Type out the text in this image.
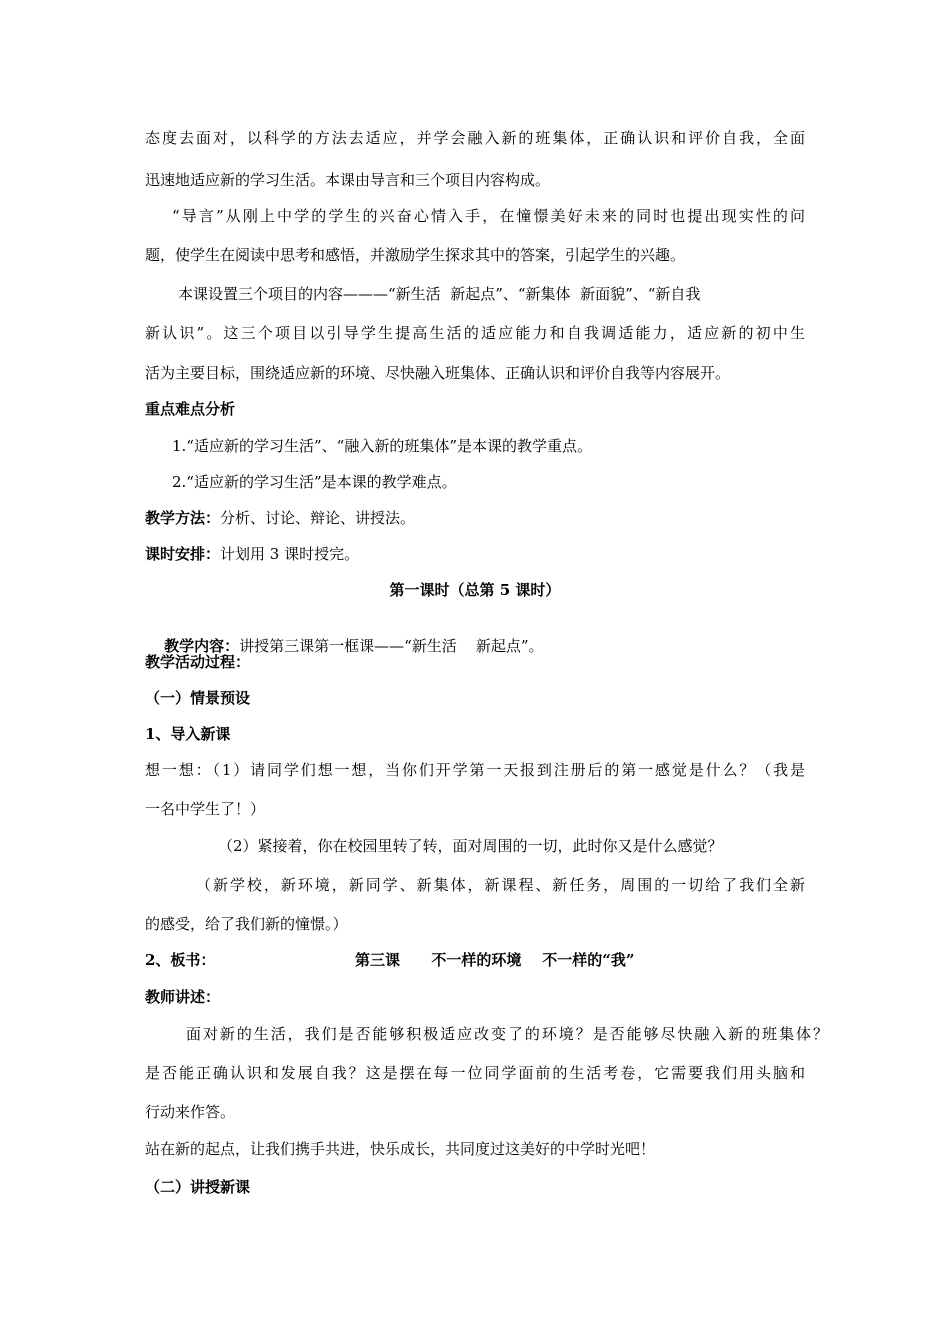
态度去面对，以科学的方法去适应，并学会融入新的班集体，正确认识和评价自我，全面
迅速地适应新的学习生活。本课由导言和三个项目内容构成。
“导言”从刚上中学的学生的兴奋心情入手，在憧憬美好未来的同时也提出现实性的问
题，使学生在阅读中思考和感悟，并激励学生探求其中的答案，引起学生的兴趣。
本课设置三个项目的内容———“新生活  新起点”、“新集体  新面貌”、“新自我
新认识”。这三个项目以引导学生提高生活的适应能力和自我调适能力，适应新的初中生
活为主要目标，围绕适应新的环境、尽快融入班集体、正确认识和评价自我等内容展开。
重点难点分析
1.“适应新的学习生活”、“融入新的班集体”是本课的教学重点。
2.“适应新的学习生活”是本课的教学难点。
教学方法：分析、讨论、辩论、讲授法。
课时安排：计划用 3 课时授完。
第一课时（总第 5 课时）

教学内容：讲授第三课第一框课——“新生活    新起点”。

教学活动过程：
（一）情景预设
1、导入新课
想一想：（1）请同学们想一想，当你们开学第一天报到注册后的第一感觉是什么？（我是
一名中学生了！）
（2）紧接着，你在校园里转了转，面对周围的一切，此时你又是什么感觉？
（新学校，新环境，新同学、新集体，新课程、新任务，周围的一切给了我们全新
的感受，给了我们新的憧憬。）
2、板书：	第三课      不一样的环境    不一样的“我”
教师讲述：
面对新的生活，我们是否能够积极适应改变了的环境？是否能够尽快融入新的班集体？
是否能正确认识和发展自我？这是摆在每一位同学面前的生活考卷，它需要我们用头脑和
行动来作答。
站在新的起点，让我们携手共进，快乐成长，共同度过这美好的中学时光吧！
（二）讲授新课
